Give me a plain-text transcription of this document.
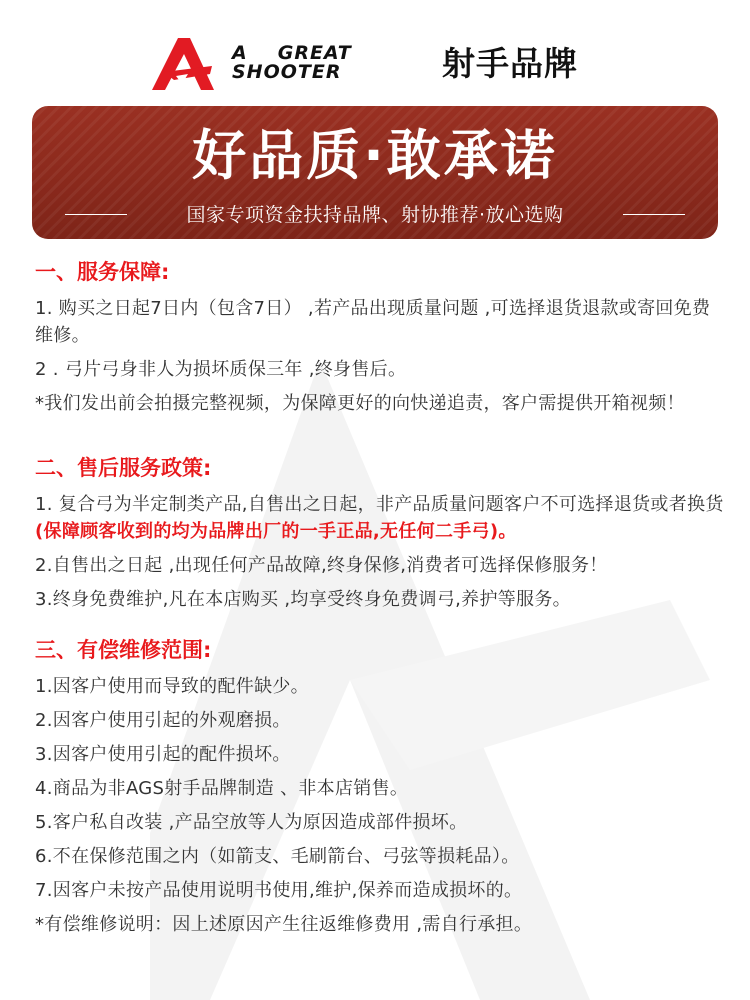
A GREAT
SHOOTER	射手品牌
好品质·敢承诺
国家专项资金扶持品牌、射协推荐·放心选购
一、服务保障:
1. 购买之日起7日内（包含7日） ,若产品出现质量问题 ,可选择退货退款或寄回免费维修。
2 . 弓片弓身非人为损坏质保三年 ,终身售后。
*我们发出前会拍摄完整视频，为保障更好的向快递追责，客户需提供开箱视频！
二、售后服务政策:
1. 复合弓为半定制类产品,自售出之日起，非产品质量问题客户不可选择退货或者换货(保障顾客收到的均为品牌出厂的一手正品,无任何二手弓)。
2.自售出之日起 ,出现任何产品故障,终身保修,消费者可选择保修服务！
3.终身免费维护,凡在本店购买 ,均享受终身免费调弓,养护等服务。
三、有偿维修范围:
1.因客户使用而导致的配件缺少。
2.因客户使用引起的外观磨损。
3.因客户使用引起的配件损坏。
4.商品为非AGS射手品牌制造 、非本店销售。
5.客户私自改装 ,产品空放等人为原因造成部件损坏。
6.不在保修范围之内（如箭支、毛刷箭台、弓弦等损耗品）。
7.因客户未按产品使用说明书使用,维护,保养而造成损坏的。
*有偿维修说明：因上述原因产生往返维修费用 ,需自行承担。
